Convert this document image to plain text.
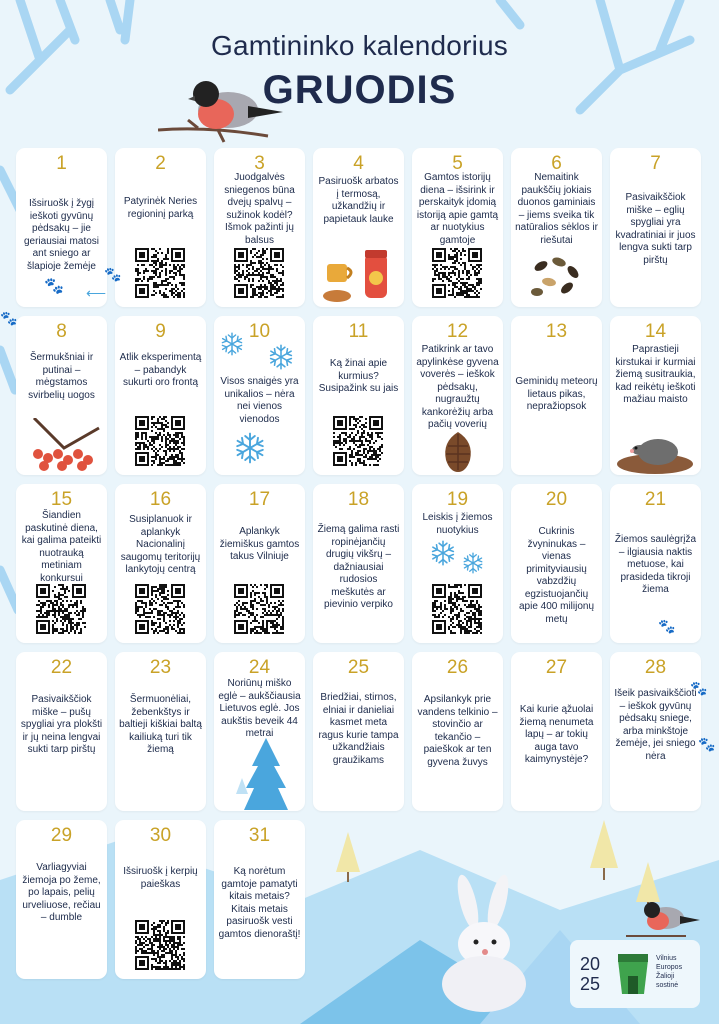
Gamtininko kalendorius
GRUODIS
1
Išsiruošk į žygį ieškoti gyvūnų pėdsakų – jie geriausiai matosi ant sniego ar šlapioje žemėje
2
Patyrinėk Neries regioninį parką
3
Juodgalvės sniegenos būna dvejų spalvų – sužinok kodėl? Išmok pažinti jų balsus
4
Pasiruošk arbatos į termosą, užkandžių ir papietauk lauke
5
Gamtos istorijų diena – išsirink ir perskaityk įdomią istoriją apie gamtą ar nuotykius gamtoje
6
Nemaitink paukščių jokiais duonos gaminiais – jiems sveika tik natūralios sėklos ir riešutai
7
Pasivaikščiok miške – eglių spygliai yra kvadratiniai ir juos lengva sukti tarp pirštų
8
Šermukšniai ir putinai – mėgstamos svirbelių uogos
9
Atlik eksperimentą – pabandyk sukurti oro frontą
10
Visos snaigės yra unikalios – nėra nei vienos vienodos
11
Ką žinai apie kurmius? Susipažink su jais
12
Patikrink ar tavo apylinkėse gyvena voverės – ieškok pėdsakų, nugraužtų kankorėžių arba pačių voverių
13
Geminidų meteorų lietaus pikas, nepražiopsok
14
Paprastieji kirstukai ir kurmiai žiemą susitraukia, kad reikėtų ieškoti mažiau maisto
15
Šiandien paskutinė diena, kai galima pateikti nuotrauką metiniam konkursui
16
Susiplanuok ir aplankyk Nacionalinį saugomų teritorijų lankytojų centrą
17
Aplankyk žiemiškus gamtos takus Vilniuje
18
Žiemą galima rasti ropinėjančių drugių vikšrų – dažniausiai rudosios meškutės ar pievinio verpiko
19
Leiskis į žiemos nuotykius
20
Cukrinis žvyninukas – vienas primityviausių vabzdžių egzistuojančių apie 400 milijonų metų
21
Žiemos saulėgrįža – ilgiausia naktis metuose, kai prasideda tikroji žiema
22
Pasivaikščiok miške – pušų spygliai yra plokšti ir jų neina lengvai sukti tarp pirštų
23
Šermuonėliai, žebenkštys ir baltieji kiškiai baltą kailiuką turi tik žiemą
24
Noriūnų miško eglė – aukščiausia Lietuvos eglė. Jos aukštis beveik 44 metrai
25
Briedžiai, stirnos, elniai ir danieliai kasmet meta ragus kurie tampa užkandžiais graužikams
26
Apsilankyk prie vandens telkinio – stovinčio ar tekančio – paieškok ar ten gyvena žuvys
27
Kai kurie ąžuolai žiemą nenumeta lapų – ar tokių auga tavo kaimynystėje?
28
Išeik pasivaikščioti – ieškok gyvūnų pėdsakų sniege, arba minkštoje žemėje, jei sniego nėra
29
Varliagyviai žiemoja po žeme, po lapais, pelių urveliuose, rečiau – dumble
30
Išsiruošk į kerpių paieškas
31
Ką norėtum gamtoje pamatyti kitais metais? Kitais metais pasiruošk vesti gamtos dienoraštį!
🐾 ⟵
🐾
🐾
🐾
🐾
🐾
20
25
Vilnius
Europos
Žalioji
sostinė
